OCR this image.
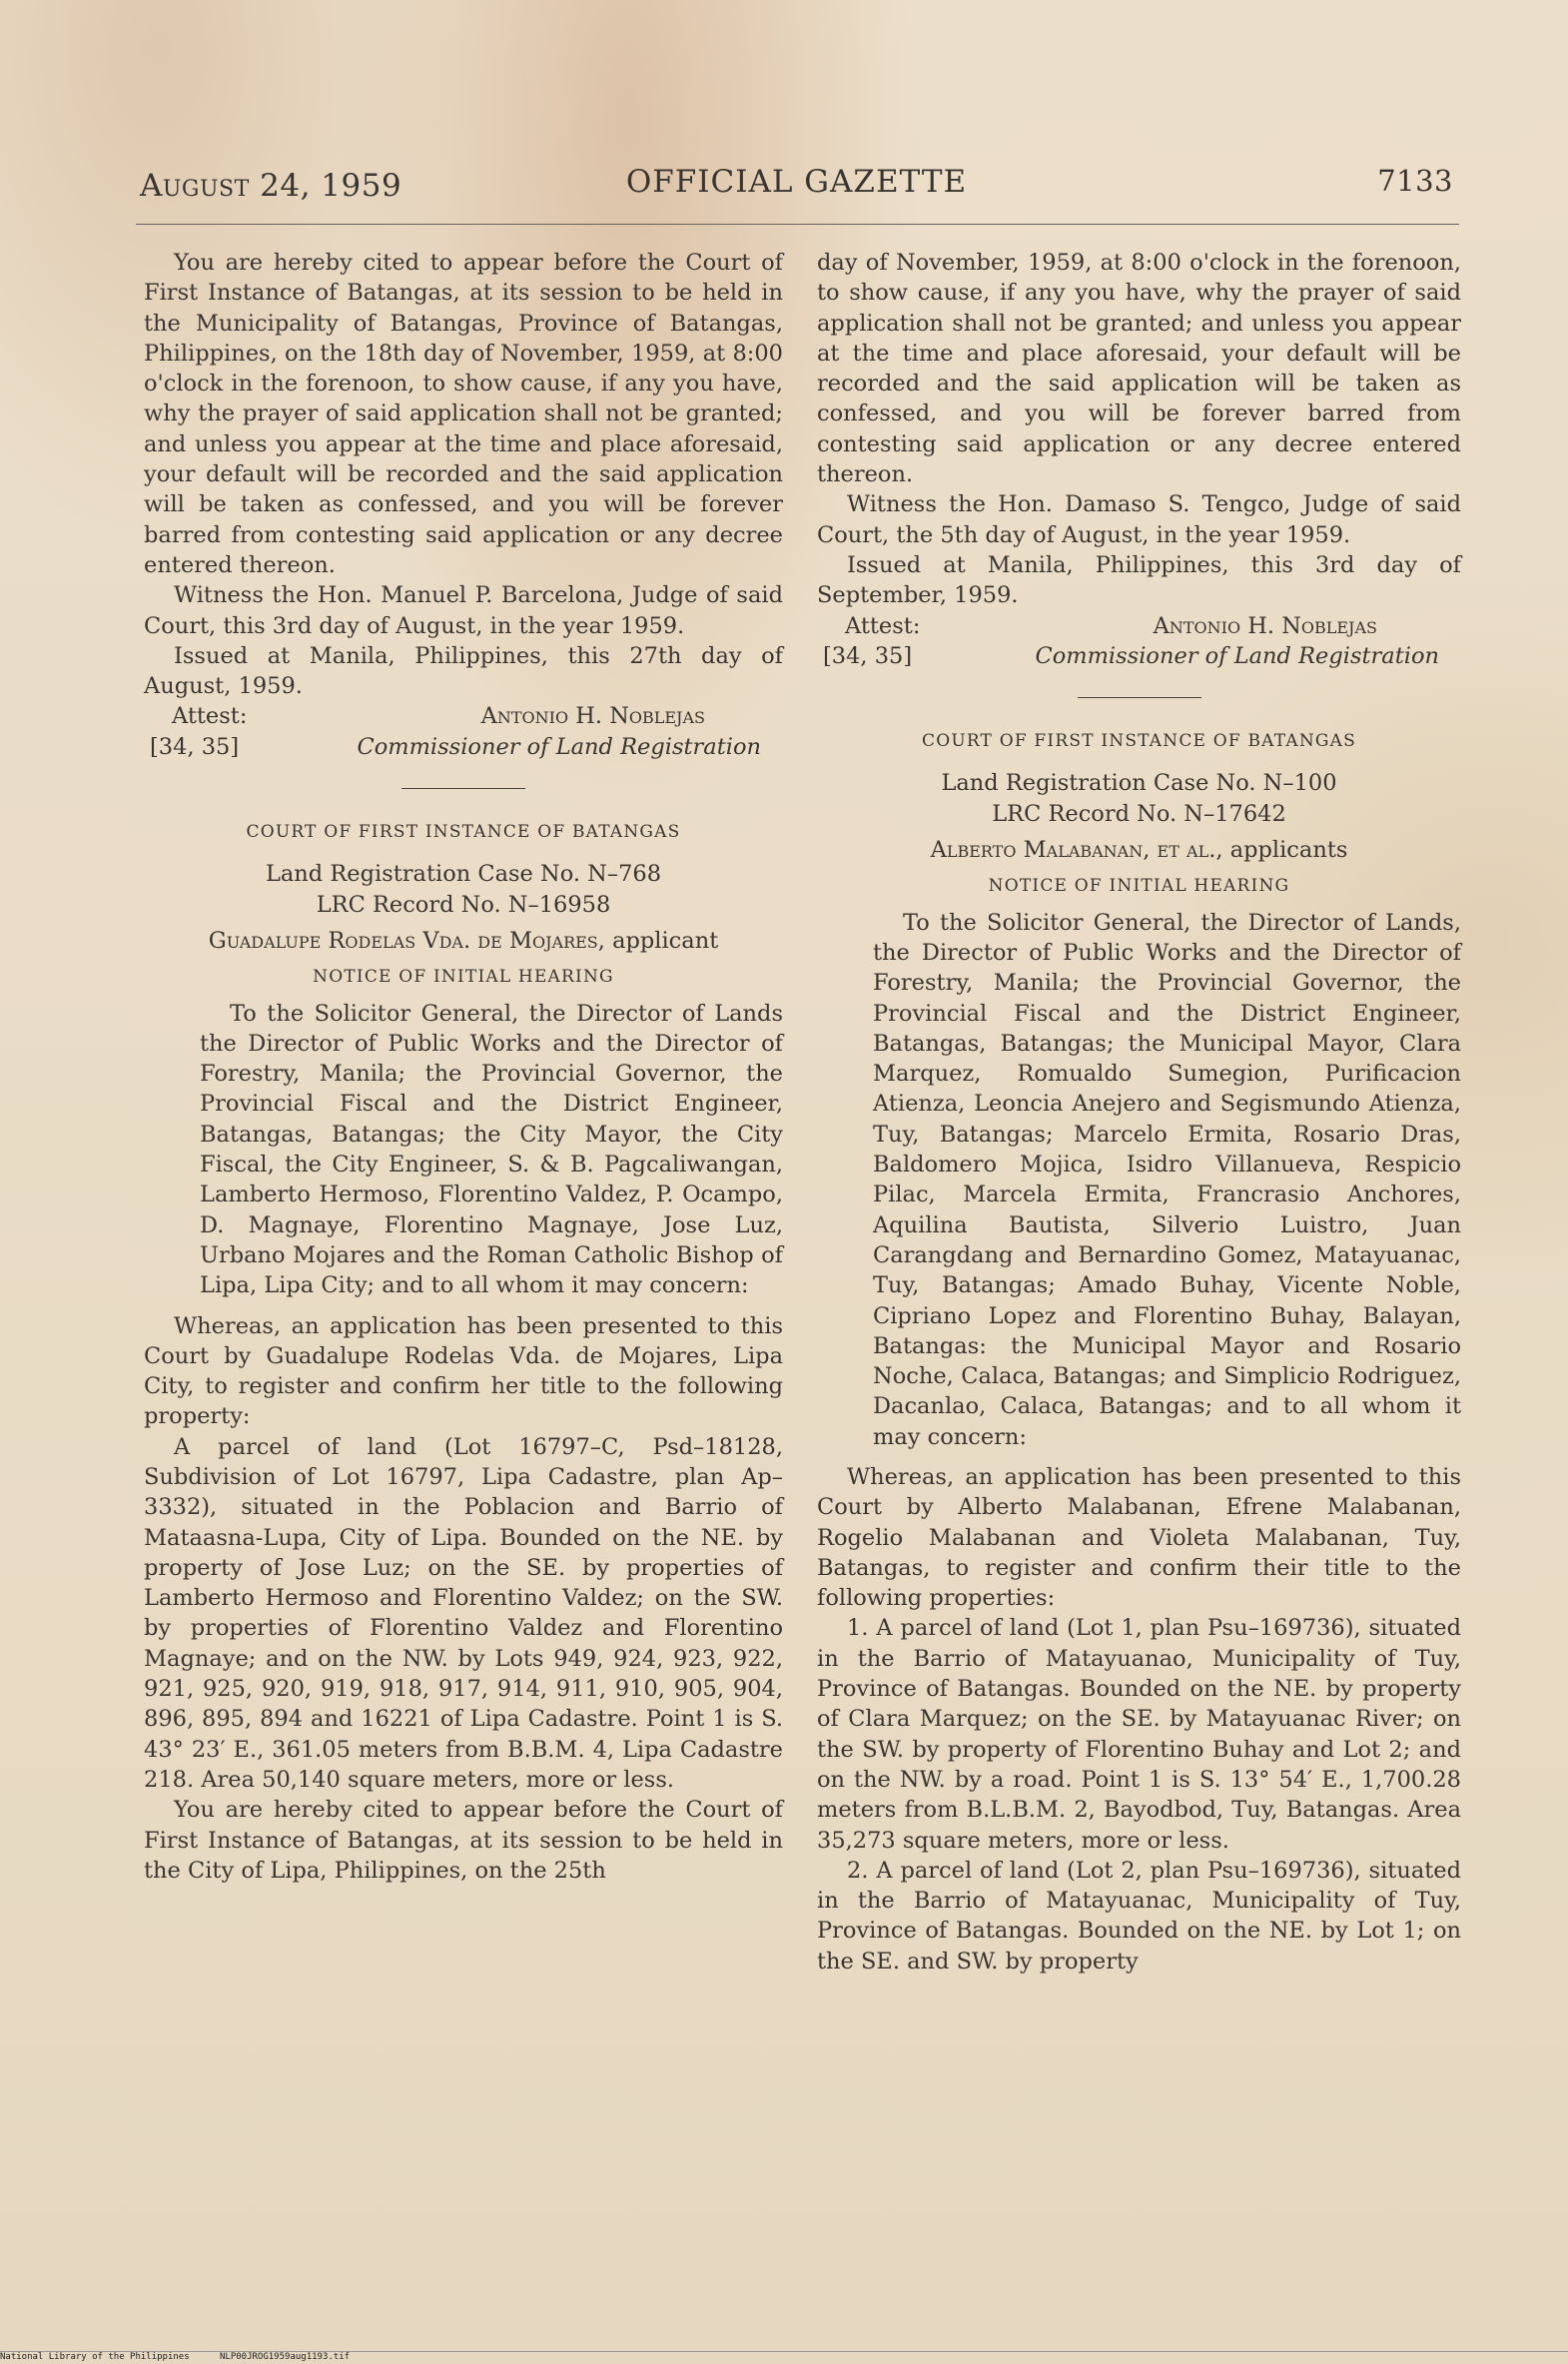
August 24, 1959	OFFICIAL GAZETTE	7133

You are hereby cited to appear before the Court of First Instance of Batangas, at its session to be held in the Municipality of Batangas, Province of Batangas, Philippines, on the 18th day of November, 1959, at 8:00 o'clock in the forenoon, to show cause, if any you have, why the prayer of said application shall not be granted; and unless you appear at the time and place aforesaid, your default will be recorded and the said application will be taken as confessed, and you will be forever barred from contesting said application or any decree entered thereon.

Witness the Hon. Manuel P. Barcelona, Judge of said Court, this 3rd day of August, in the year 1959.

Issued at Manila, Philippines, this 27th day of August, 1959.

Attest:	Antonio H. Noblejas
[34, 35]	Commissioner of Land Registration
COURT OF FIRST INSTANCE OF BATANGAS
Land Registration Case No. N–768
LRC Record No. N–16958
Guadalupe Rodelas Vda. de Mojares, applicant
NOTICE OF INITIAL HEARING

To the Solicitor General, the Director of Lands the Director of Public Works and the Director of Forestry, Manila; the Provincial Governor, the Provincial Fiscal and the District Engineer, Batangas, Batangas; the City Mayor, the City Fiscal, the City Engineer, S. & B. Pagcaliwangan, Lamberto Hermoso, Florentino Valdez, P. Ocampo, D. Magnaye, Florentino Magnaye, Jose Luz, Urbano Mojares and the Roman Catholic Bishop of Lipa, Lipa City; and to all whom it may concern:

Whereas, an application has been presented to this Court by Guadalupe Rodelas Vda. de Mojares, Lipa City, to register and confirm her title to the following property:

A parcel of land (Lot 16797–C, Psd–18128, Subdivision of Lot 16797, Lipa Cadastre, plan Ap–3332), situated in the Poblacion and Barrio of Mataasna-Lupa, City of Lipa. Bounded on the NE. by property of Jose Luz; on the SE. by properties of Lamberto Hermoso and Florentino Valdez; on the SW. by properties of Florentino Valdez and Florentino Magnaye; and on the NW. by Lots 949, 924, 923, 922, 921, 925, 920, 919, 918, 917, 914, 911, 910, 905, 904, 896, 895, 894 and 16221 of Lipa Cadastre. Point 1 is S. 43° 23′ E., 361.05 meters from B.B.M. 4, Lipa Cadastre 218. Area 50,140 square meters, more or less.

You are hereby cited to appear before the Court of First Instance of Batangas, at its session to be held in the City of Lipa, Philippines, on the 25th

day of November, 1959, at 8:00 o'clock in the forenoon, to show cause, if any you have, why the prayer of said application shall not be granted; and unless you appear at the time and place aforesaid, your default will be recorded and the said application will be taken as confessed, and you will be forever barred from contesting said application or any decree entered thereon.

Witness the Hon. Damaso S. Tengco, Judge of said Court, the 5th day of August, in the year 1959.

Issued at Manila, Philippines, this 3rd day of September, 1959.

Attest:	Antonio H. Noblejas
[34, 35]	Commissioner of Land Registration
COURT OF FIRST INSTANCE OF BATANGAS
Land Registration Case No. N–100
LRC Record No. N–17642
Alberto Malabanan, et al., applicants
NOTICE OF INITIAL HEARING

To the Solicitor General, the Director of Lands, the Director of Public Works and the Director of Forestry, Manila; the Provincial Governor, the Provincial Fiscal and the District Engineer, Batangas, Batangas; the Municipal Mayor, Clara Marquez, Romualdo Sumegion, Purificacion Atienza, Leoncia Anejero and Segismundo Atienza, Tuy, Batangas; Marcelo Ermita, Rosario Dras, Baldomero Mojica, Isidro Villanueva, Respicio Pilac, Marcela Ermita, Francrasio Anchores, Aquilina Bautista, Silverio Luistro, Juan Carangdang and Bernardino Gomez, Matayuanac, Tuy, Batangas; Amado Buhay, Vicente Noble, Cipriano Lopez and Florentino Buhay, Balayan, Batangas: the Municipal Mayor and Rosario Noche, Calaca, Batangas; and Simplicio Rodriguez, Dacanlao, Calaca, Batangas; and to all whom it may concern:

Whereas, an application has been presented to this Court by Alberto Malabanan, Efrene Malabanan, Rogelio Malabanan and Violeta Malabanan, Tuy, Batangas, to register and confirm their title to the following properties:

1. A parcel of land (Lot 1, plan Psu–169736), situated in the Barrio of Matayuanao, Municipality of Tuy, Province of Batangas. Bounded on the NE. by property of Clara Marquez; on the SE. by Matayuanac River; on the SW. by property of Florentino Buhay and Lot 2; and on the NW. by a road. Point 1 is S. 13° 54′ E., 1,700.28 meters from B.L.B.M. 2, Bayodbod, Tuy, Batangas. Area 35,273 square meters, more or less.

2. A parcel of land (Lot 2, plan Psu–169736), situated in the Barrio of Matayuanac, Municipality of Tuy, Province of Batangas. Bounded on the NE. by Lot 1; on the SE. and SW. by property

National Library of the Philippines	NLP00JROG1959aug1193.tif
